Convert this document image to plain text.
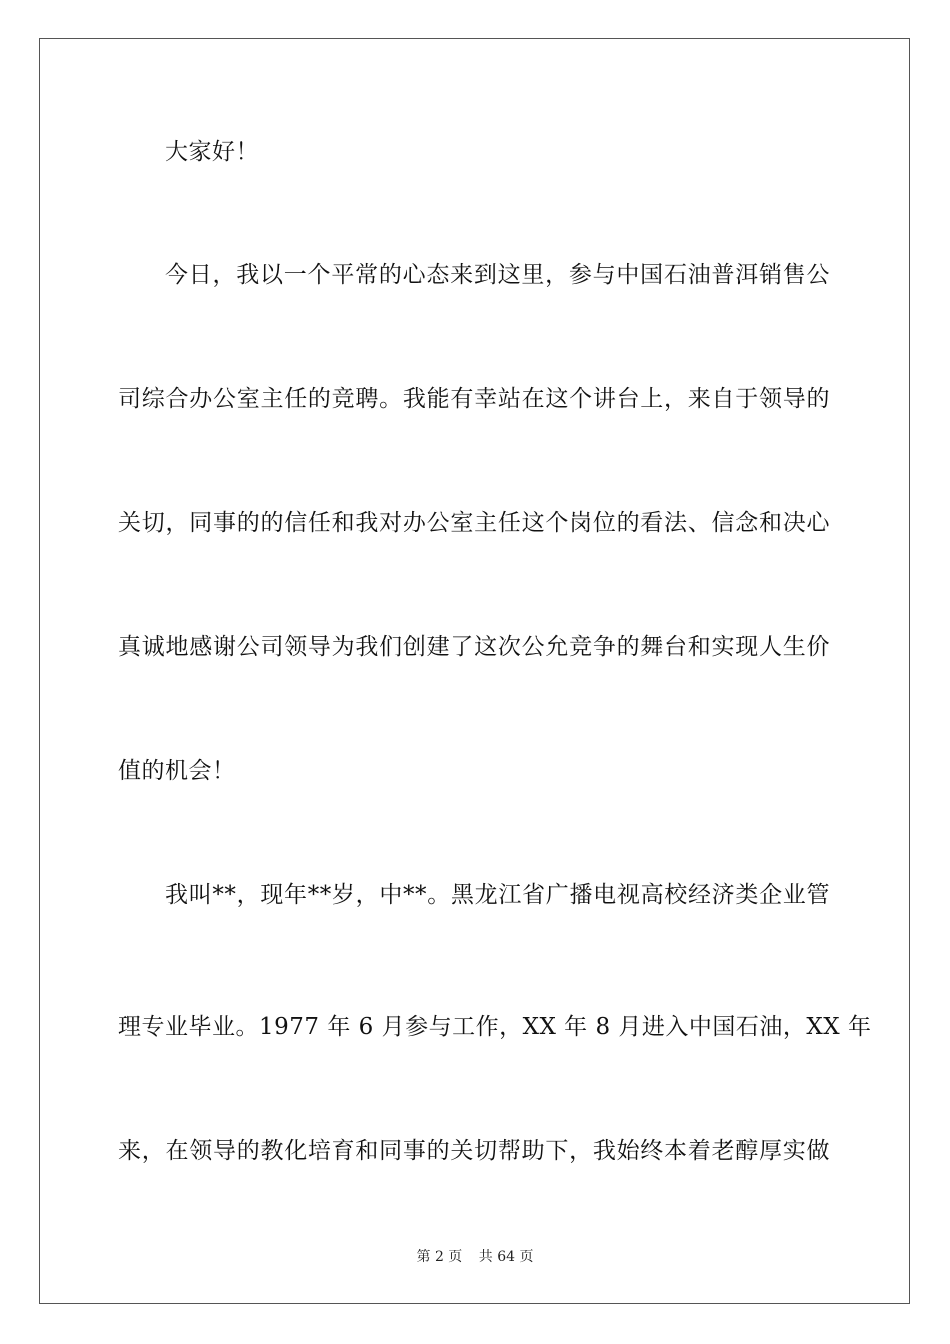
大家好！
今日，我以一个平常的心态来到这里，参与中国石油普洱销售公
司综合办公室主任的竞聘。我能有幸站在这个讲台上，来自于领导的
关切，同事的的信任和我对办公室主任这个岗位的看法、信念和决心
真诚地感谢公司领导为我们创建了这次公允竞争的舞台和实现人生价
值的机会！
我叫**，现年**岁，中**。黑龙江省广播电视高校经济类企业管
理专业毕业。1977 年 6 月参与工作，XX 年 8 月进入中国石油，XX 年
来，在领导的教化培育和同事的关切帮助下，我始终本着老醇厚实做
第 2 页 共 64 页
